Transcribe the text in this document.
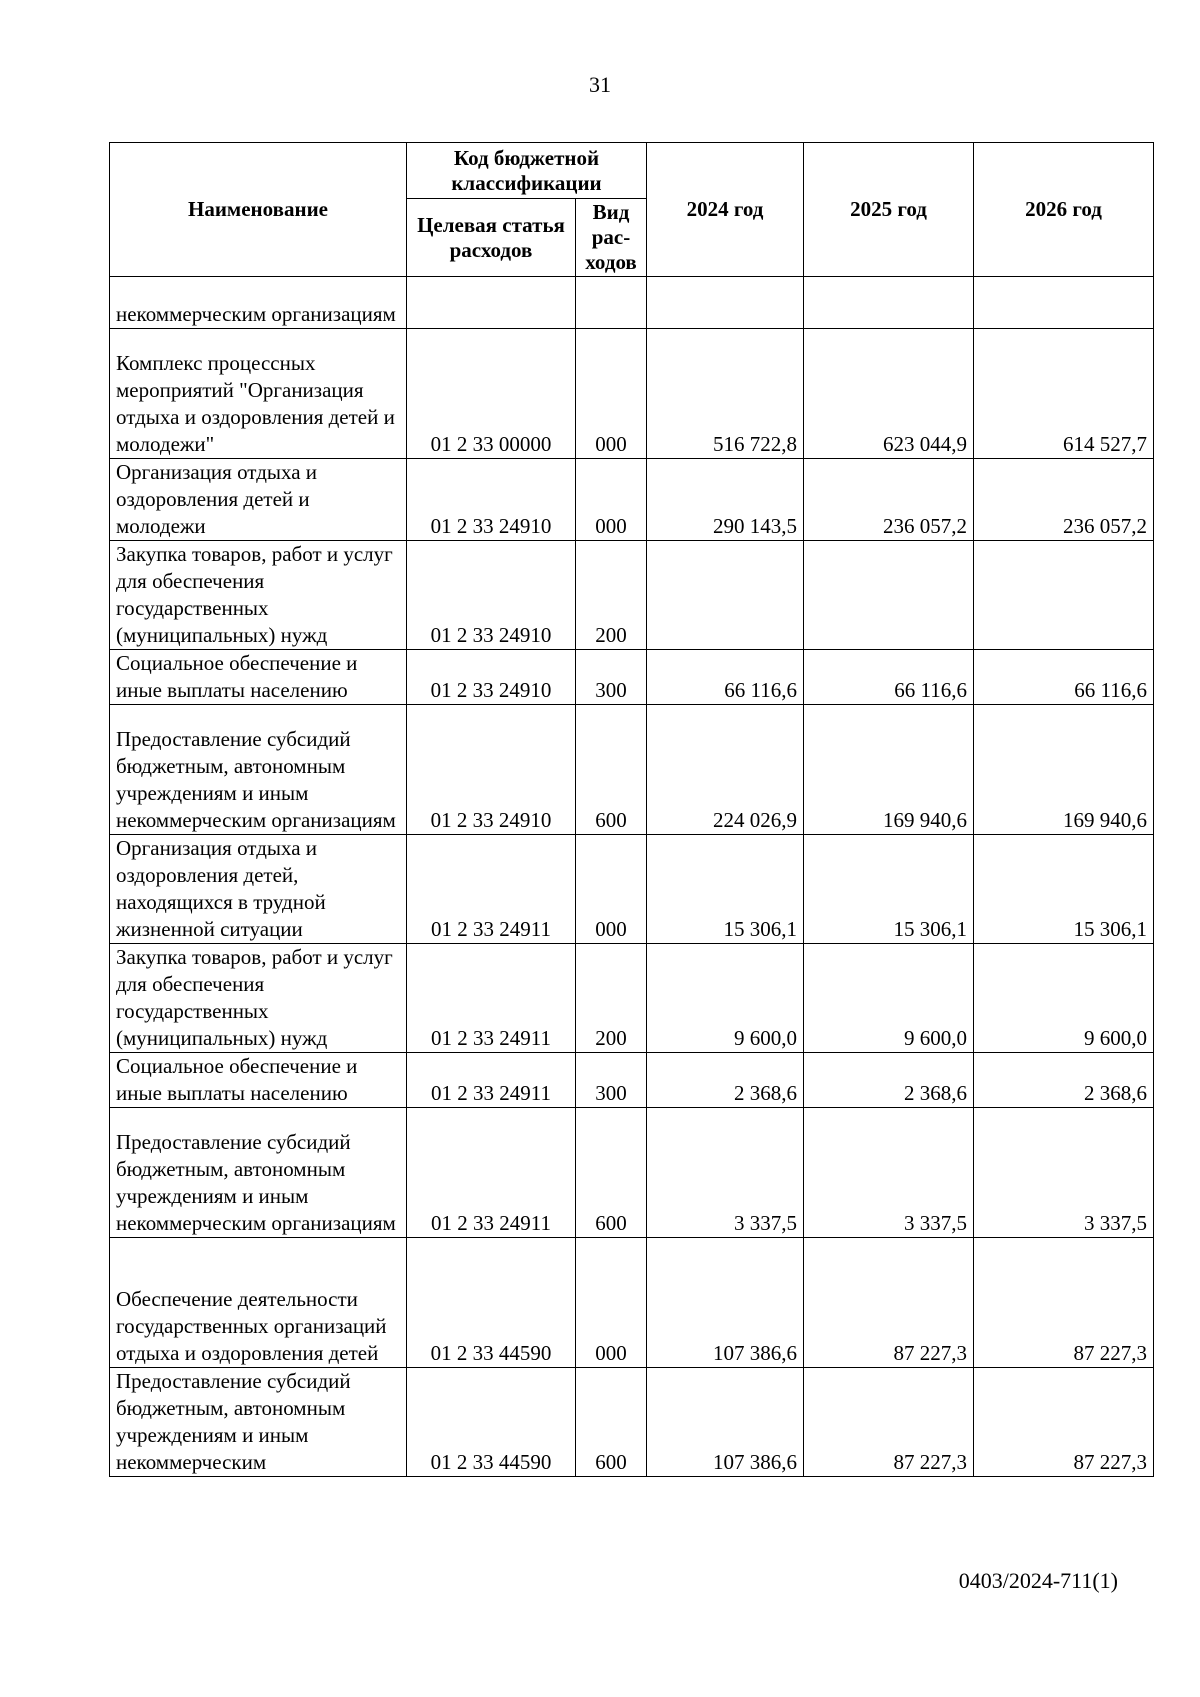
31
Наименование	Код бюджетной классификации		2024 год	2025 год	2026 год
	Целевая статья расходов	Вид рас-ходов			
некоммерческим организациям					
Комплекс процессных мероприятий "Организация отдыха и оздоровления детей и молодежи"	01 2 33 00000	000	516 722,8	623 044,9	614 527,7
Организация отдыха и оздоровления детей и молодежи	01 2 33 24910	000	290 143,5	236 057,2	236 057,2
Закупка товаров, работ и услуг для обеспечения государственных (муниципальных) нужд	01 2 33 24910	200			
Социальное обеспечение и иные выплаты населению	01 2 33 24910	300	66 116,6	66 116,6	66 116,6
Предоставление субсидий бюджетным, автономным учреждениям и иным некоммерческим организациям	01 2 33 24910	600	224 026,9	169 940,6	169 940,6
Организация отдыха и оздоровления детей, находящихся в трудной жизненной ситуации	01 2 33 24911	000	15 306,1	15 306,1	15 306,1
Закупка товаров, работ и услуг для обеспечения государственных (муниципальных) нужд	01 2 33 24911	200	9 600,0	9 600,0	9 600,0
Социальное обеспечение и иные выплаты населению	01 2 33 24911	300	2 368,6	2 368,6	2 368,6
Предоставление субсидий бюджетным, автономным учреждениям и иным некоммерческим организациям	01 2 33 24911	600	3 337,5	3 337,5	3 337,5
Обеспечение деятельности государственных организаций отдыха и оздоровления детей	01 2 33 44590	000	107 386,6	87 227,3	87 227,3
Предоставление субсидий бюджетным, автономным учреждениям и иным некоммерческим	01 2 33 44590	600	107 386,6	87 227,3	87 227,3
0403/2024-711(1)
